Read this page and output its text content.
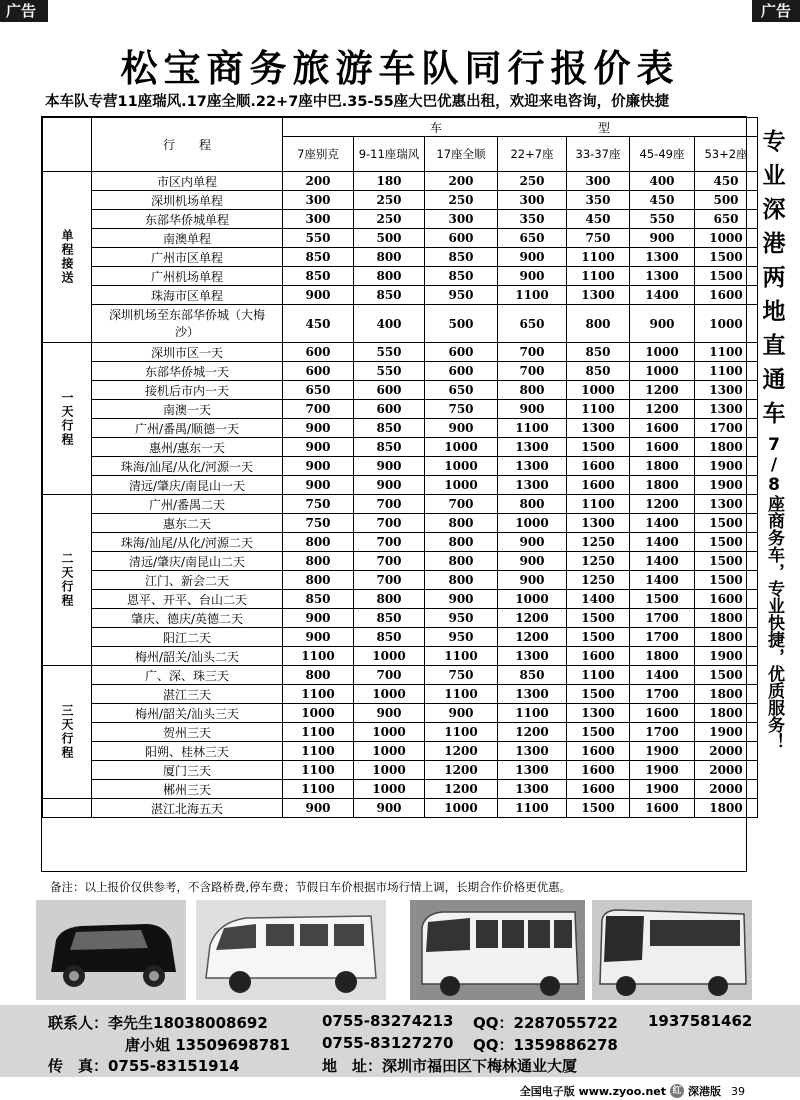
广告	广告
松宝商务旅游车队同行报价表
本车队专营11座瑞风.17座全顺.22+7座中巴.35-55座大巴优惠出租，欢迎来电咨询，价廉快捷
	行　　程	车　　　　　　　　　　　　　型						
		7座别克	9-11座瑞风	17座全顺	22+7座	33-37座	45-49座	53+2座
单程接送	市区内单程	200	180	200	250	300	400	450
	深圳机场单程	300	250	250	300	350	450	500
	东部华侨城单程	300	250	300	350	450	550	650
	南澳单程	550	500	600	650	750	900	1000
	广州市区单程	850	800	850	900	1100	1300	1500
	广州机场单程	850	800	850	900	1100	1300	1500
	珠海市区单程	900	850	950	1100	1300	1400	1600
	深圳机场至东部华侨城（大梅沙）	450	400	500	650	800	900	1000
一天行程	深圳市区一天	600	550	600	700	850	1000	1100
	东部华侨城一天	600	550	600	700	850	1000	1100
	接机后市内一天	650	600	650	800	1000	1200	1300
	南澳一天	700	600	750	900	1100	1200	1300
	广州/番禺/顺德一天	900	850	900	1100	1300	1600	1700
	惠州/惠东一天	900	850	1000	1300	1500	1600	1800
	珠海/汕尾/从化/河源一天	900	900	1000	1300	1600	1800	1900
	清远/肇庆/南昆山一天	900	900	1000	1300	1600	1800	1900
二天行程	广州/番禺二天	750	700	700	800	1100	1200	1300
	惠东二天	750	700	800	1000	1300	1400	1500
	珠海/汕尾/从化/河源二天	800	700	800	900	1250	1400	1500
	清远/肇庆/南昆山二天	800	700	800	900	1250	1400	1500
	江门、新会二天	800	700	800	900	1250	1400	1500
	恩平、开平、台山二天	850	800	900	1000	1400	1500	1600
	肇庆、德庆/英德二天	900	850	950	1200	1500	1700	1800
	阳江二天	900	850	950	1200	1500	1700	1800
	梅州/韶关/汕头二天	1100	1000	1100	1300	1600	1800	1900
三天行程	广、深、珠三天	800	700	750	850	1100	1400	1500
	湛江三天	1100	1000	1100	1300	1500	1700	1800
	梅州/韶关/汕头三天	1000	900	900	1100	1300	1600	1800
	贺州三天	1100	1000	1100	1200	1500	1700	1900
	阳朔、桂林三天	1100	1000	1200	1300	1600	1900	2000
	厦门三天	1100	1000	1200	1300	1600	1900	2000
	郴州三天	1100	1000	1200	1300	1600	1900	2000
	湛江北海五天	900	900	1000	1100	1500	1600	1800
专
业
深
港
两
地
直
通
车
7/8座商务车，专业快捷，优质服务！
备注：以上报价仅供参考，不含路桥费,停车费；节假日车价根据市场行情上调，长期合作价格更优惠。
联系人：李先生18038008692	0755-83274213 QQ：2287055722 1937581462
唐小姐 13509698781 0755-83127270 QQ：1359886278
传　真：0755-83151914	地　址：深圳市福田区下梅林通业大厦
全国电子版 www.zyoo.net 红 深港版 39
